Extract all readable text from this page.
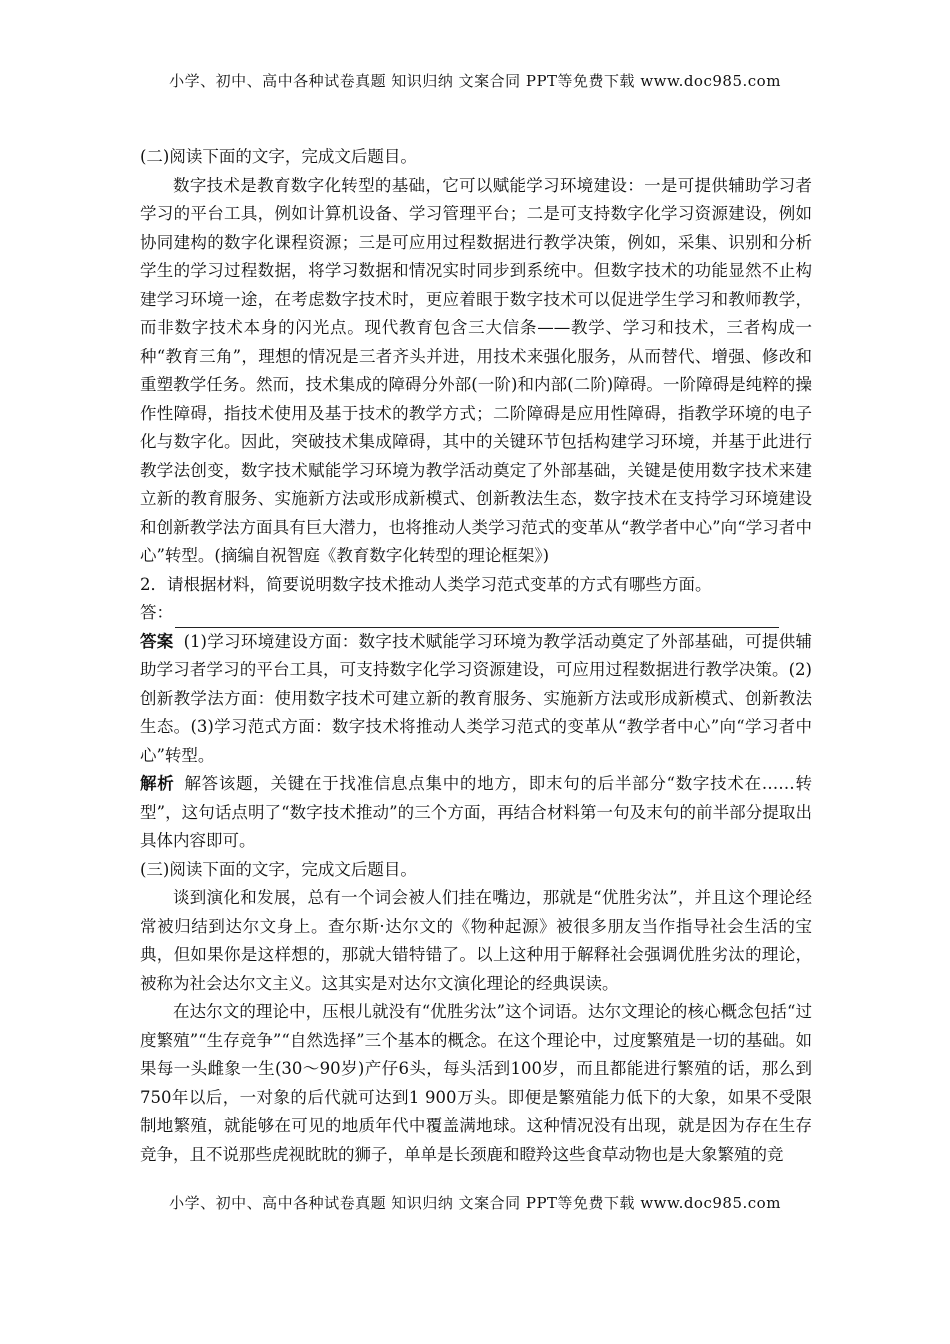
小学、初中、高中各种试卷真题 知识归纳 文案合同 PPT等免费下载 www.doc985.com

(二)阅读下面的文字，完成文后题目。

数字技术是教育数字化转型的基础，它可以赋能学习环境建设：一是可提供辅助学习者学习的平台工具，例如计算机设备、学习管理平台；二是可支持数字化学习资源建设，例如协同建构的数字化课程资源；三是可应用过程数据进行教学决策，例如，采集、识别和分析学生的学习过程数据，将学习数据和情况实时同步到系统中。但数字技术的功能显然不止构建学习环境一途，在考虑数字技术时，更应着眼于数字技术可以促进学生学习和教师教学，而非数字技术本身的闪光点。现代教育包含三大信条——教学、学习和技术，三者构成一种“教育三角”，理想的情况是三者齐头并进，用技术来强化服务，从而替代、增强、修改和重塑教学任务。然而，技术集成的障碍分外部(一阶)和内部(二阶)障碍。一阶障碍是纯粹的操作性障碍，指技术使用及基于技术的教学方式；二阶障碍是应用性障碍，指教学环境的电子化与数字化。因此，突破技术集成障碍，其中的关键环节包括构建学习环境，并基于此进行教学法创变，数字技术赋能学习环境为教学活动奠定了外部基础，关键是使用数字技术来建立新的教育服务、实施新方法或形成新模式、创新教法生态，数字技术在支持学习环境建设和创新教学法方面具有巨大潜力，也将推动人类学习范式的变革从“教学者中心”向“学习者中心”转型。(摘编自祝智庭《教育数字化转型的理论框架》)

2．请根据材料，简要说明数字技术推动人类学习范式变革的方式有哪些方面。

答：

答案 (1)学习环境建设方面：数字技术赋能学习环境为教学活动奠定了外部基础，可提供辅助学习者学习的平台工具，可支持数字化学习资源建设，可应用过程数据进行教学决策。(2)创新教学法方面：使用数字技术可建立新的教育服务、实施新方法或形成新模式、创新教法生态。(3)学习范式方面：数字技术将推动人类学习范式的变革从“教学者中心”向“学习者中心”转型。

解析 解答该题，关键在于找准信息点集中的地方，即末句的后半部分“数字技术在……转型”，这句话点明了“数字技术推动”的三个方面，再结合材料第一句及末句的前半部分提取出具体内容即可。

(三)阅读下面的文字，完成文后题目。

谈到演化和发展，总有一个词会被人们挂在嘴边，那就是“优胜劣汰”，并且这个理论经常被归结到达尔文身上。查尔斯·达尔文的《物种起源》被很多朋友当作指导社会生活的宝典，但如果你是这样想的，那就大错特错了。以上这种用于解释社会强调优胜劣汰的理论，被称为社会达尔文主义。这其实是对达尔文演化理论的经典误读。

在达尔文的理论中，压根儿就没有“优胜劣汰”这个词语。达尔文理论的核心概念包括“过度繁殖”“生存竞争”“自然选择”三个基本的概念。在这个理论中，过度繁殖是一切的基础。如果每一头雌象一生(30～90岁)产仔6头，每头活到100岁，而且都能进行繁殖的话，那么到750年以后，一对象的后代就可达到1 900万头。即便是繁殖能力低下的大象，如果不受限制地繁殖，就能够在可见的地质年代中覆盖满地球。这种情况没有出现，就是因为存在生存竞争，且不说那些虎视眈眈的狮子，单单是长颈鹿和瞪羚这些食草动物也是大象繁殖的竞

小学、初中、高中各种试卷真题 知识归纳 文案合同 PPT等免费下载 www.doc985.com
